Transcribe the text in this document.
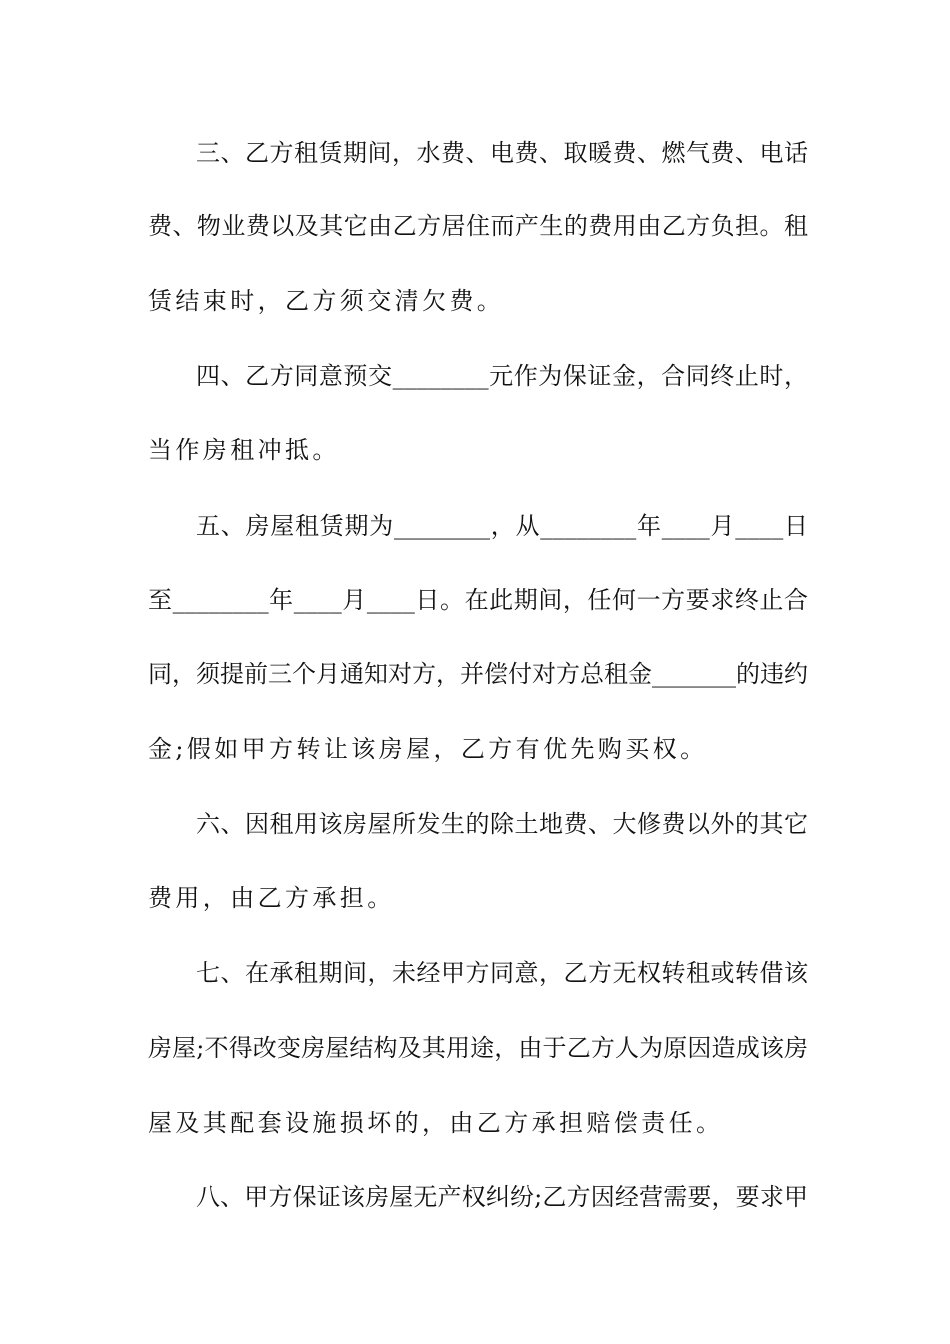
三、乙方租赁期间，水费、电费、取暖费、燃气费、电话
费、物业费以及其它由乙方居住而产生的费用由乙方负担。租
赁结束时，乙方须交清欠费。
四、乙方同意预交________元作为保证金，合同终止时，
当作房租冲抵。
五、房屋租赁期为________，从________年____月____日
至________年____月____日。在此期间，任何一方要求终止合
同，须提前三个月通知对方，并偿付对方总租金_______的违约
金;假如甲方转让该房屋，乙方有优先购买权。
六、因租用该房屋所发生的除土地费、大修费以外的其它
费用，由乙方承担。
七、在承租期间，未经甲方同意，乙方无权转租或转借该
房屋;不得改变房屋结构及其用途，由于乙方人为原因造成该房
屋及其配套设施损坏的，由乙方承担赔偿责任。
八、甲方保证该房屋无产权纠纷;乙方因经营需要，要求甲
